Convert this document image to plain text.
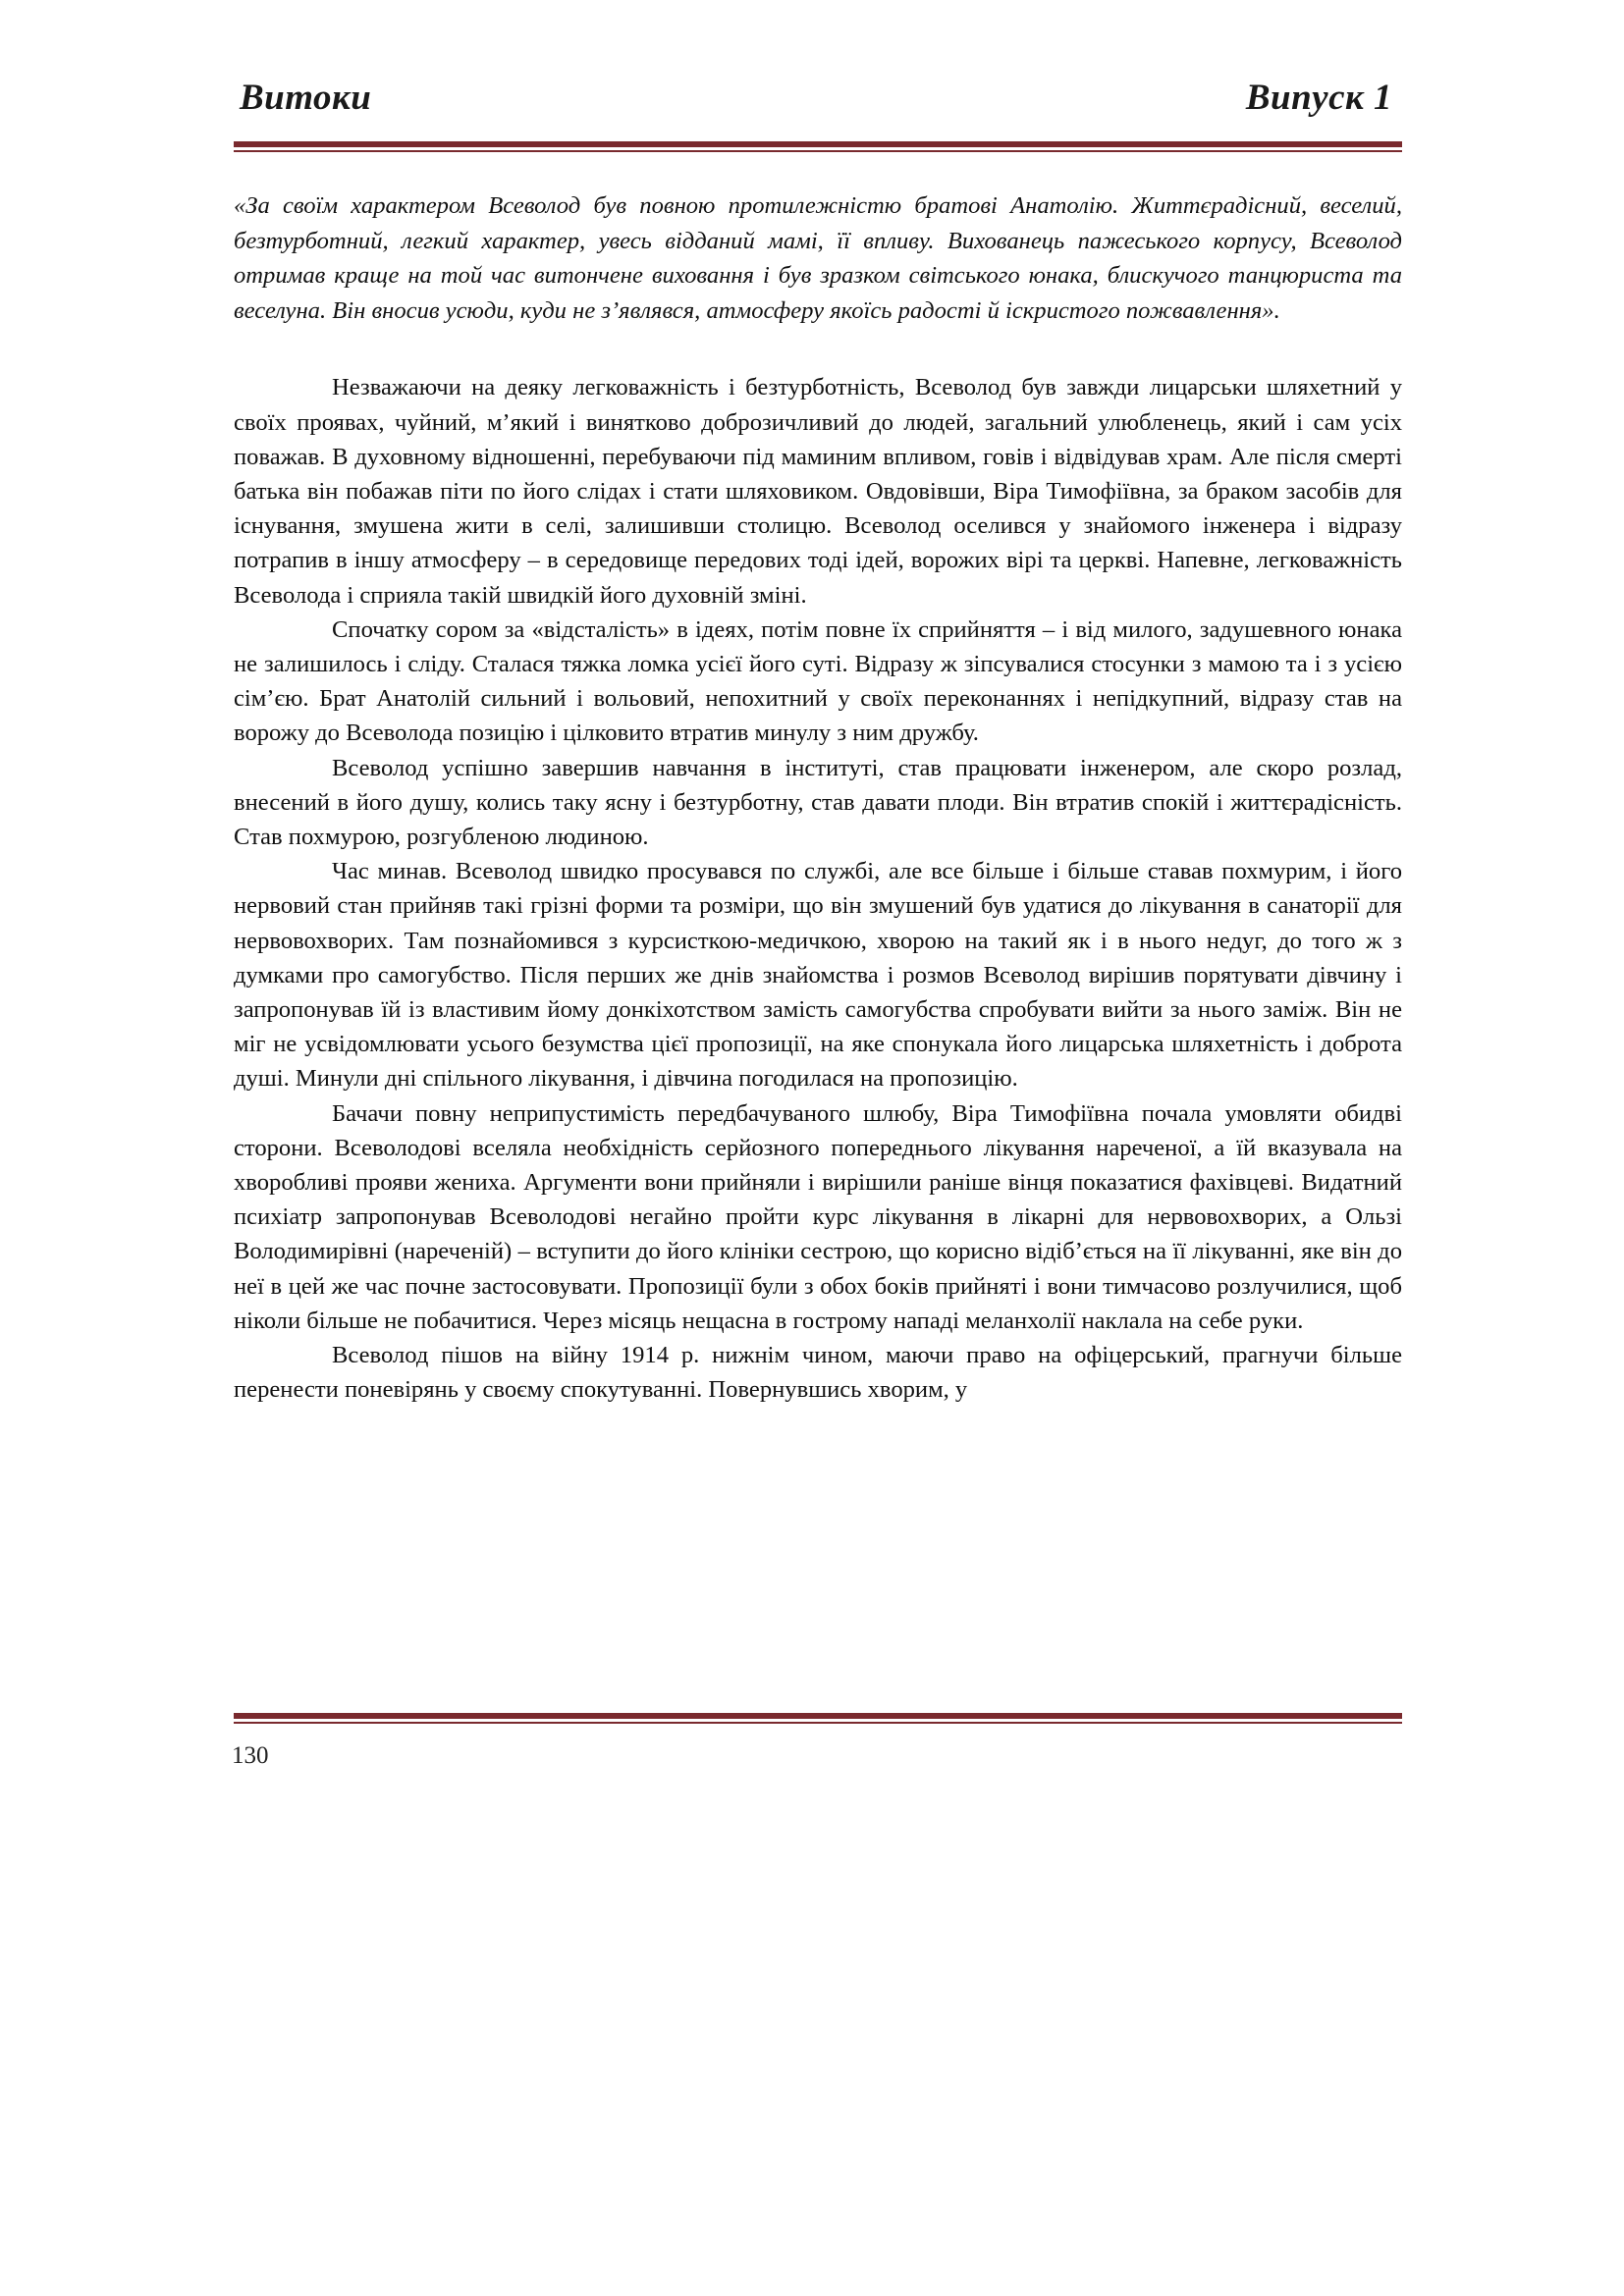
Витоки	Випуск 1

«За своїм характером Всеволод був повною протилежністю братові Анатолію. Життєрадісний, веселий, безтурботний, легкий характер, увесь відданий мамі, її впливу. Вихованець пажеського корпусу, Всеволод отримав краще на той час витончене виховання і був зразком світського юнака, блискучого танцюриста та веселуна. Він вносив усюди, куди не з’являвся, атмосферу якоїсь радості й іскристого пожвавлення».

Незважаючи на деяку легковажність і безтурботність, Всеволод був завжди лицарськи шляхетний у своїх проявах, чуйний, м’який і винятково доброзичливий до людей, загальний улюбленець, який і сам усіх поважав. В духовному відношенні, перебуваючи під маминим впливом, говів і відвідував храм. Але після смерті батька він побажав піти по його слідах і стати шляховиком. Овдовівши, Віра Тимофіївна, за браком засобів для існування, змушена жити в селі, залишивши столицю. Всеволод оселився у знайомого інженера і відразу потрапив в іншу атмосферу – в середовище передових тоді ідей, ворожих вірі та церкві. Напевне, легковажність Всеволода і сприяла такій швидкій його духовній зміні.

Спочатку сором за «відсталість» в ідеях, потім повне їх сприйняття – і від милого, задушевного юнака не залишилось і сліду. Сталася тяжка ломка усієї його суті. Відразу ж зіпсувалися стосунки з мамою та і з усією сім’єю. Брат Анатолій сильний і вольовий, непохитний у своїх переконаннях і непідкупний, відразу став на ворожу до Всеволода позицію і цілковито втратив минулу з ним дружбу.

Всеволод успішно завершив навчання в інституті, став працювати інженером, але скоро розлад, внесений в його душу, колись таку ясну і безтурботну, став давати плоди. Він втратив спокій і життєрадісність. Став похмурою, розгубленою людиною.

Час минав. Всеволод швидко просувався по службі, але все більше і більше ставав похмурим, і його нервовий стан прийняв такі грізні форми та розміри, що він змушений був удатися до лікування в санаторії для нервовохворих. Там познайомився з курсисткою-медичкою, хворою на такий як і в нього недуг, до того ж з думками про самогубство. Після перших же днів знайомства і розмов Всеволод вирішив порятувати дівчину і запропонував їй із властивим йому донкіхотством замість самогубства спробувати вийти за нього заміж. Він не міг не усвідомлювати усього безумства цієї пропозиції, на яке спонукала його лицарська шляхетність і доброта душі. Минули дні спільного лікування, і дівчина погодилася на пропозицію.

Бачачи повну неприпустимість передбачуваного шлюбу, Віра Тимофіївна почала умовляти обидві сторони. Всеволодові вселяла необхідність серйозного попереднього лікування нареченої, а їй вказувала на хворобливі прояви жениха. Аргументи вони прийняли і вирішили раніше вінця показатися фахівцеві. Видатний психіатр запропонував Всеволодові негайно пройти курс лікування в лікарні для нервовохворих, а Ользі Володимирівні (нареченій) – вступити до його клініки сестрою, що корисно відіб’ється на її лікуванні, яке він до неї в цей же час почне застосовувати. Пропозиції були з обох боків прийняті і вони тимчасово розлучилися, щоб ніколи більше не побачитися. Через місяць нещасна в гострому нападі меланхолії наклала на себе руки.

Всеволод пішов на війну 1914 р. нижнім чином, маючи право на офіцерський, прагнучи більше перенести поневірянь у своєму спокутуванні. Повернувшись хворим, у

130
